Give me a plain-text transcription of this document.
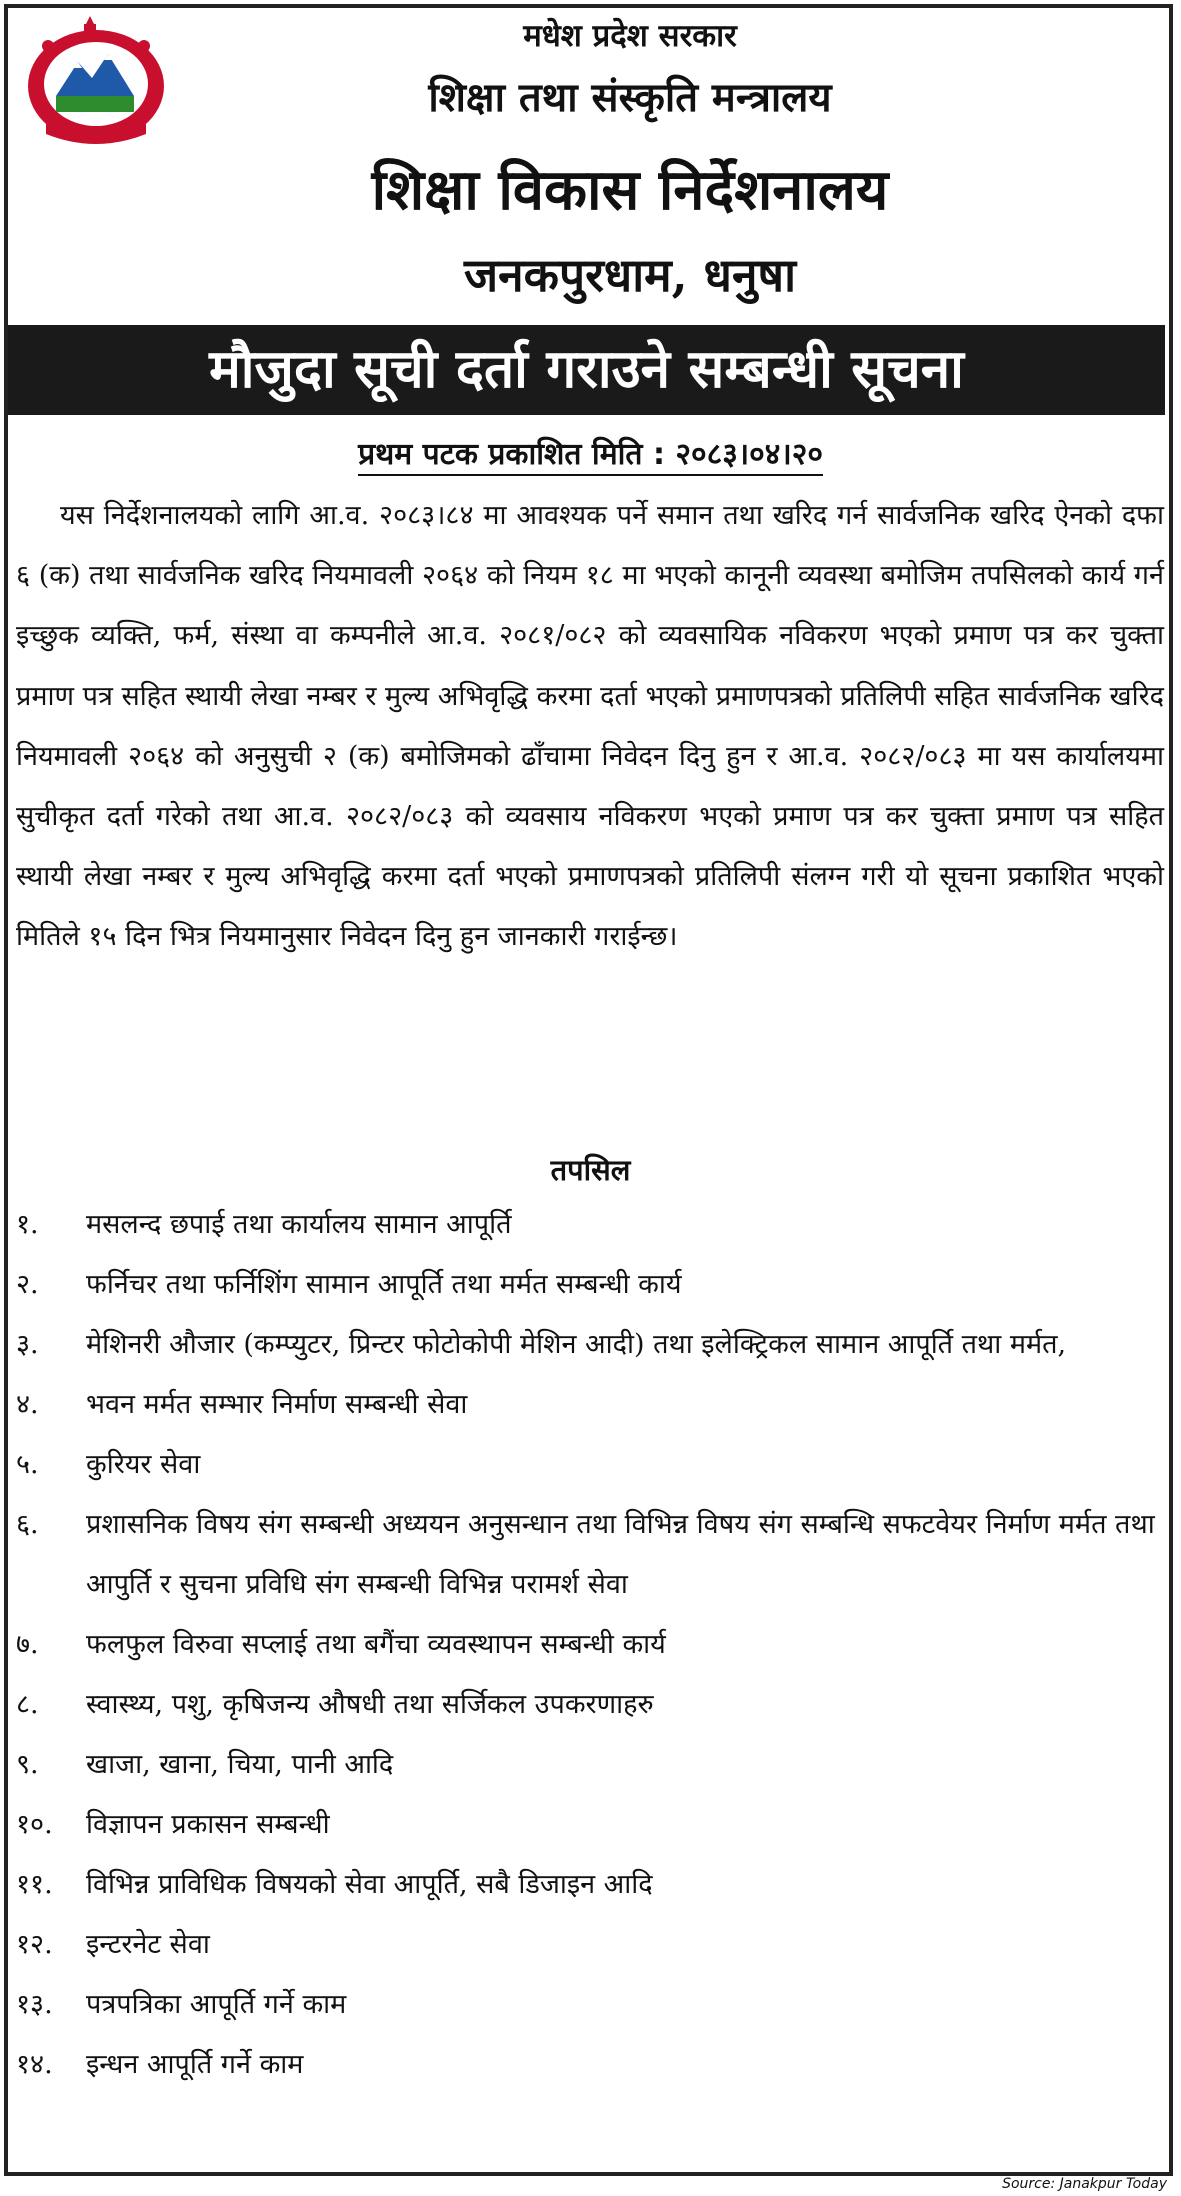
मधेश प्रदेश सरकार
शिक्षा तथा संस्कृति मन्त्रालय
शिक्षा विकास निर्देशनालय
जनकपुरधाम, धनुषा
मौजुदा सूची दर्ता गराउने सम्बन्धी सूचना
प्रथम पटक प्रकाशित मिति : २०८३।०४।२०
यस निर्देशनालयको लागि आ.व. २०८३।८४ मा आवश्यक पर्ने समान तथा खरिद गर्न सार्वजनिक खरिद ऐनको दफा ६ (क) तथा सार्वजनिक खरिद नियमावली २०६४ को नियम १८ मा भएको कानूनी व्यवस्था बमोजिम तपसिलको कार्य गर्न इच्छुक व्यक्ति, फर्म, संस्था वा कम्पनीले आ.व. २०८१/०८२ को व्यवसायिक नविकरण भएको प्रमाण पत्र कर चुक्ता प्रमाण पत्र सहित स्थायी लेखा नम्बर र मुल्य अभिवृद्धि करमा दर्ता भएको प्रमाणपत्रको प्रतिलिपी सहित सार्वजनिक खरिद नियमावली २०६४ को अनुसुची २ (क) बमोजिमको ढाँचामा निवेदन दिनु हुन र आ.व. २०८२/०८३ मा यस कार्यालयमा सुचीकृत दर्ता गरेको तथा आ.व. २०८२/०८३ को व्यवसाय नविकरण भएको प्रमाण पत्र कर चुक्ता प्रमाण पत्र सहित स्थायी लेखा नम्बर र मुल्य अभिवृद्धि करमा दर्ता भएको प्रमाणपत्रको प्रतिलिपी संलग्न गरी यो सूचना प्रकाशित भएको मितिले १५ दिन भित्र नियमानुसार निवेदन दिनु हुन जानकारी गराईन्छ।
तपसिल
१.	मसलन्द छपाई तथा कार्यालय सामान आपूर्ति
२.	फर्निचर तथा फर्निशिंग सामान आपूर्ति तथा मर्मत सम्बन्धी कार्य
३.	मेशिनरी औजार (कम्प्युटर, प्रिन्टर फोटोकोपी मेशिन आदी) तथा इलेक्ट्रिकल सामान आपूर्ति तथा मर्मत,
४.	भवन मर्मत सम्भार निर्माण सम्बन्धी सेवा
५.	कुरियर सेवा
६.	प्रशासनिक विषय संग सम्बन्धी अध्ययन अनुसन्धान तथा विभिन्न विषय संग सम्बन्धि सफटवेयर निर्माण मर्मत तथा आपुर्ति र सुचना प्रविधि संग सम्बन्धी विभिन्न परामर्श सेवा
७.	फलफुल विरुवा सप्लाई तथा बगैंचा व्यवस्थापन सम्बन्धी कार्य
८.	स्वास्थ्य, पशु, कृषिजन्य औषधी तथा सर्जिकल उपकरणाहरु
९.	खाजा, खाना, चिया, पानी आदि
१०.	विज्ञापन प्रकासन सम्बन्धी
११.	विभिन्न प्राविधिक विषयको सेवा आपूर्ति, सबै डिजाइन आदि
१२.	इन्टरनेट सेवा
१३.	पत्रपत्रिका आपूर्ति गर्ने काम
१४.	इन्धन आपूर्ति गर्ने काम
Source: Janakpur Today
